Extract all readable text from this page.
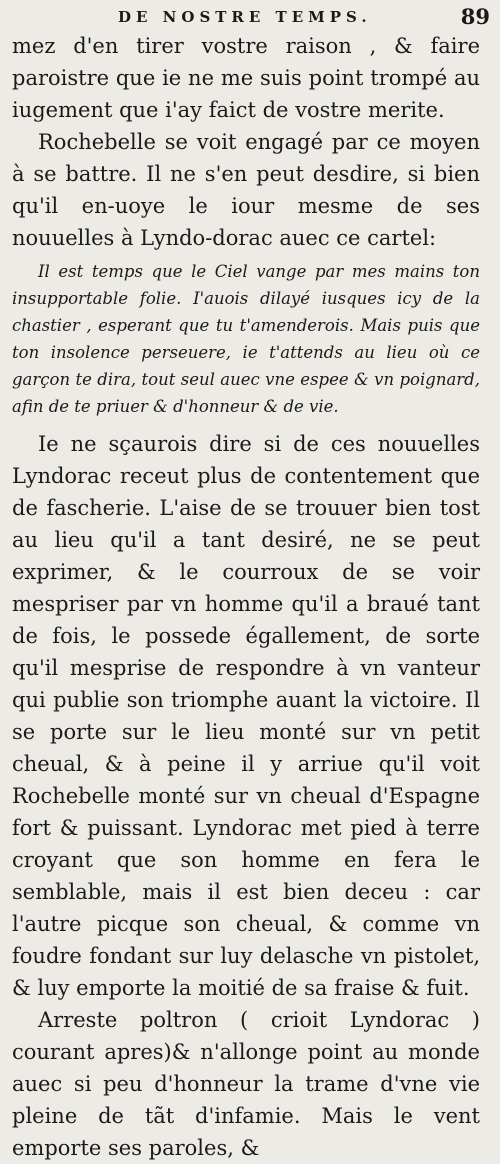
DE NOSTRE TEMPS.	89

mez d'en tirer vostre raison , & faire paroistre que ie ne me suis point trompé au iugement que i'ay faict de vostre merite.

Rochebelle se voit engagé par ce moyen à se battre. Il ne s'en peut desdire, si bien qu'il en-uoye le iour mesme de ses nouuelles à Lyndo-dorac auec ce cartel:

Il est temps que le Ciel vange par mes mains ton insupportable folie. I'auois dilayé iusques icy de la chastier , esperant que tu t'amenderois. Mais puis que ton insolence perseuere, ie t'attends au lieu où ce garçon te dira, tout seul auec vne espee & vn poignard, afin de te priuer & d'honneur & de vie.

Ie ne sçaurois dire si de ces nouuelles Lyndorac receut plus de contentement que de fascherie. L'aise de se trouuer bien tost au lieu qu'il a tant desiré, ne se peut exprimer, & le courroux de se voir mespriser par vn homme qu'il a braué tant de fois, le possede égallement, de sorte qu'il mesprise de respondre à vn vanteur qui publie son triomphe auant la victoire. Il se porte sur le lieu monté sur vn petit cheual, & à peine il y arriue qu'il voit Rochebelle monté sur vn cheual d'Espagne fort & puissant. Lyndorac met pied à terre croyant que son homme en fera le semblable, mais il est bien deceu : car l'autre picque son cheual, & comme vn foudre fondant sur luy delasche vn pistolet, & luy emporte la moitié de sa fraise & fuit.

Arreste poltron ( crioit Lyndorac ) courant apres)& n'allonge point au monde auec si peu d'honneur la trame d'vne vie pleine de tãt d'infamie. Mais le vent emporte ses paroles, &
